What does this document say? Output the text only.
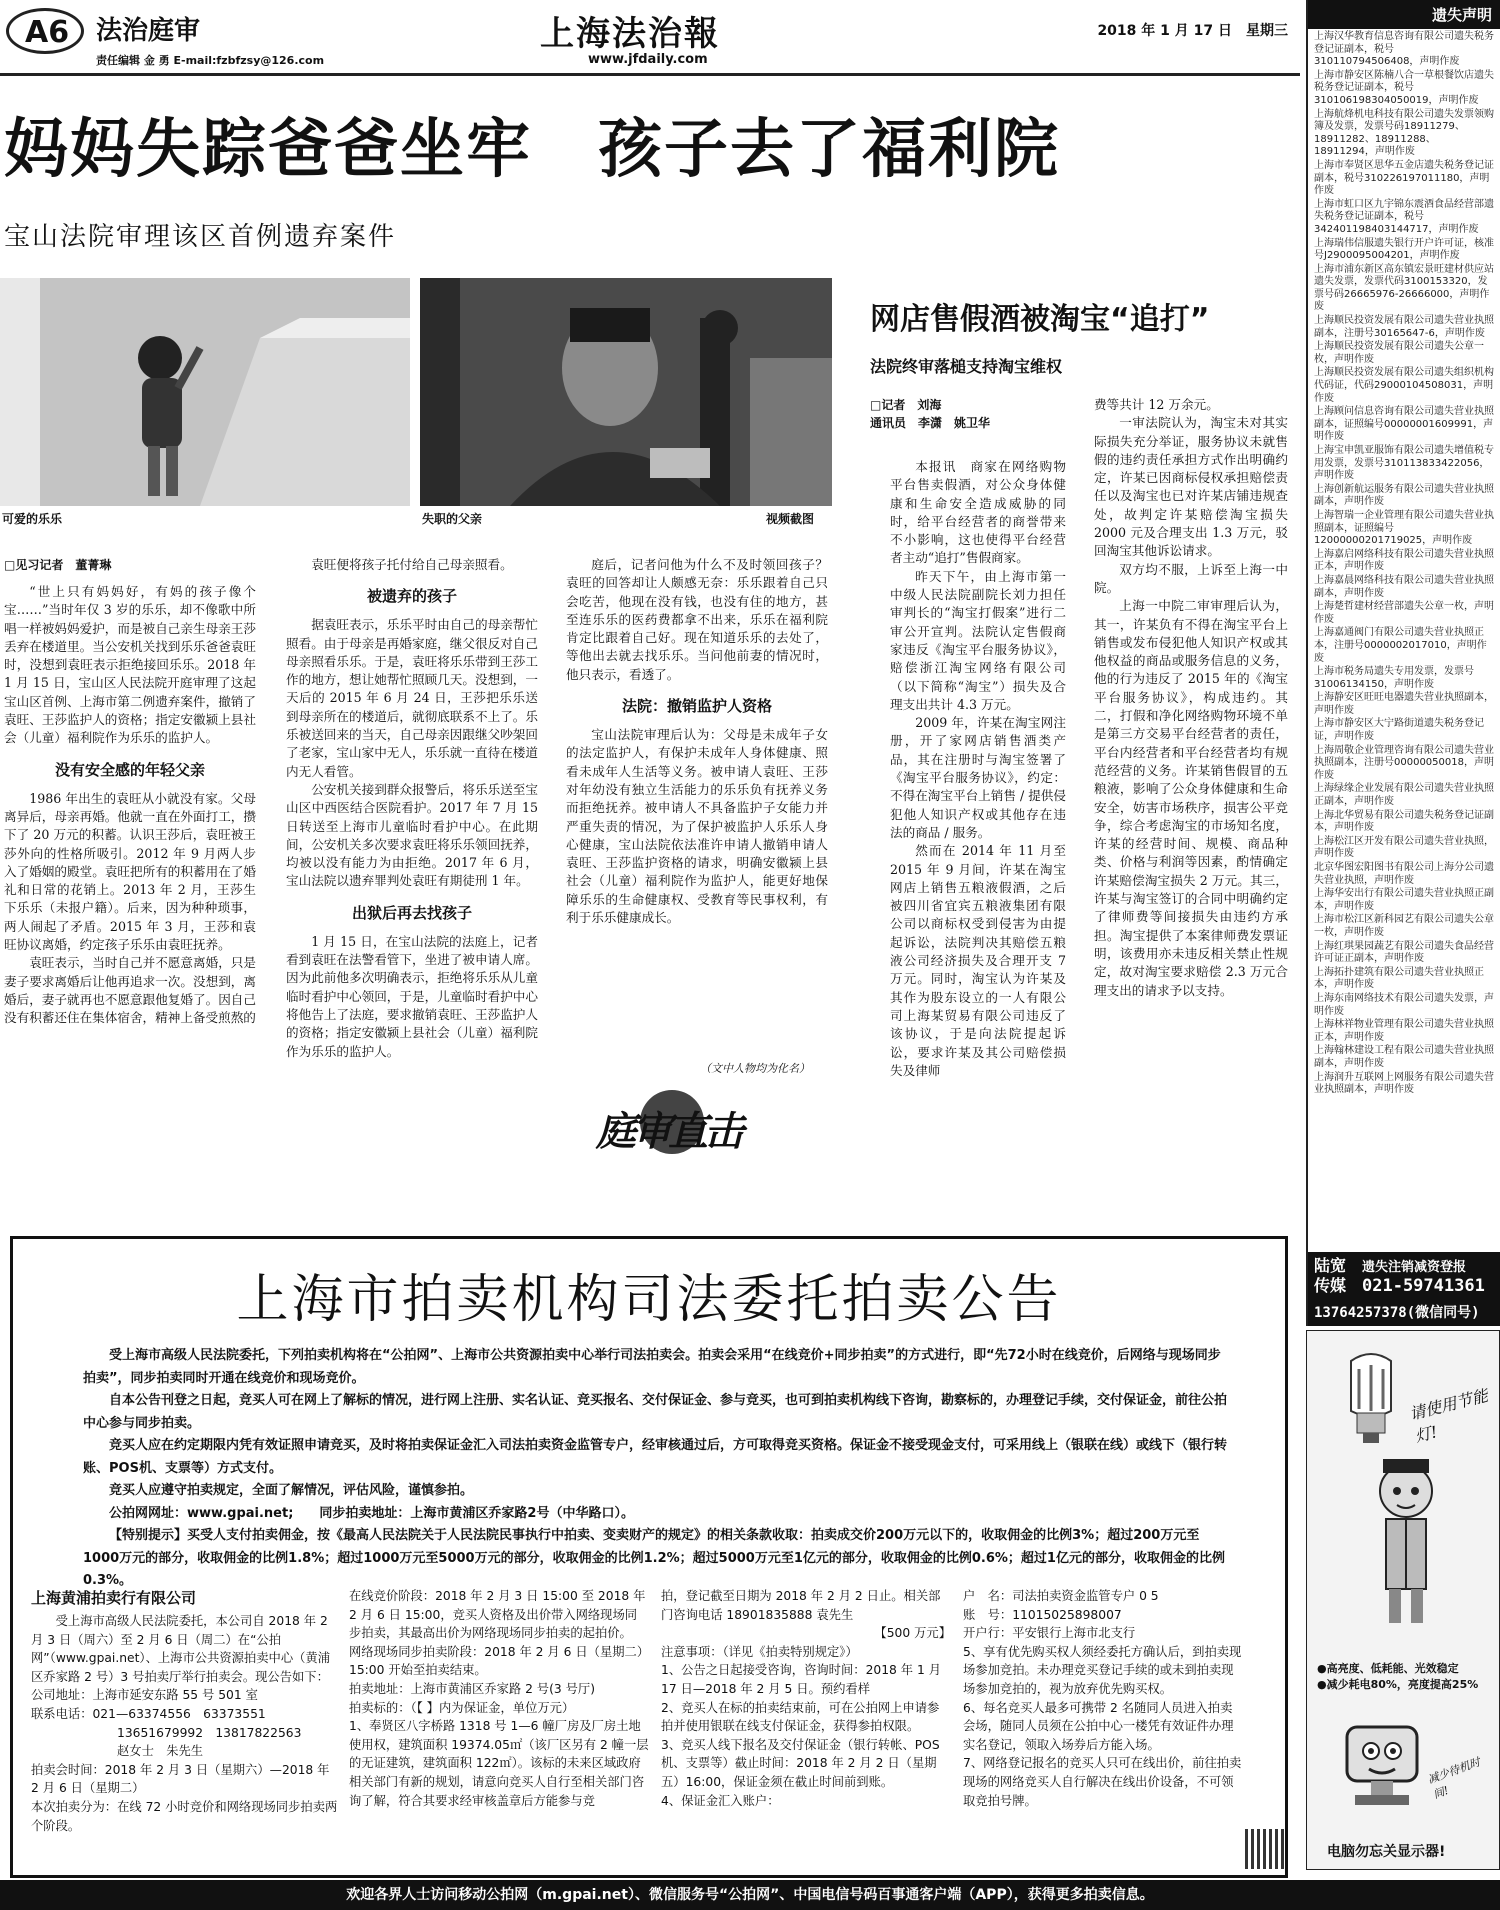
A6 法治庭审
责任编辑 金 勇 E-mail:fzbfzsy@126.com
上海法治報
www.jfdaily.com
2018 年 1 月 17 日　星期三
妈妈失踪爸爸坐牢　孩子去了福利院
宝山法院审理该区首例遗弃案件
可爱的乐乐	失职的父亲	视频截图
□见习记者　董菁琳

“世上只有妈妈好，有妈的孩子像个宝……”当时年仅 3 岁的乐乐，却不像歌中所唱一样被妈妈爱护，而是被自己亲生母亲王莎丢弃在楼道里。当公安机关找到乐乐爸爸袁旺时，没想到袁旺表示拒绝接回乐乐。2018 年 1 月 15 日，宝山区人民法院开庭审理了这起宝山区首例、上海市第二例遗弃案件，撤销了袁旺、王莎监护人的资格；指定安徽颍上县社会（儿童）福利院作为乐乐的监护人。

没有安全感的年轻父亲

1986 年出生的袁旺从小就没有家。父母离异后，母亲再婚。他就一直在外面打工，攒下了 20 万元的积蓄。认识王莎后，袁旺被王莎外向的性格所吸引。2012 年 9 月两人步入了婚姻的殿堂。袁旺把所有的积蓄用在了婚礼和日常的花销上。2013 年 2 月，王莎生下乐乐（未报户籍）。后来，因为种种琐事，两人闹起了矛盾。2015 年 3 月，王莎和袁旺协议离婚，约定孩子乐乐由袁旺抚养。

袁旺表示，当时自己并不愿意离婚，只是妻子要求离婚后让他再追求一次。没想到，离婚后，妻子就再也不愿意跟他复婚了。因自己没有积蓄还住在集体宿舍，精神上备受煎熬的

袁旺便将孩子托付给自己母亲照看。

被遗弃的孩子

据袁旺表示，乐乐平时由自己的母亲帮忙照看。由于母亲是再婚家庭，继父很反对自己母亲照看乐乐。于是，袁旺将乐乐带到王莎工作的地方，想让她帮忙照顾几天。没想到，一天后的 2015 年 6 月 24 日，王莎把乐乐送到母亲所在的楼道后，就彻底联系不上了。乐乐被送回来的当天，自己母亲因跟继父吵架回了老家，宝山家中无人，乐乐就一直待在楼道内无人看管。

公安机关接到群众报警后，将乐乐送至宝山区中西医结合医院看护。2017 年 7 月 15 日转送至上海市儿童临时看护中心。在此期间，公安机关多次要求袁旺将乐乐领回抚养，均被以没有能力为由拒绝。2017 年 6 月，宝山法院以遗弃罪判处袁旺有期徒刑 1 年。

出狱后再去找孩子

1 月 15 日，在宝山法院的法庭上，记者看到袁旺在法警看管下，坐进了被申请人席。因为此前他多次明确表示，拒绝将乐乐从儿童临时看护中心领回，于是，儿童临时看护中心将他告上了法庭，要求撤销袁旺、王莎监护人的资格；指定安徽颍上县社会（儿童）福利院作为乐乐的监护人。

庭后，记者问他为什么不及时领回孩子？袁旺的回答却让人颇感无奈：乐乐跟着自己只会吃苦，他现在没有钱，也没有住的地方，甚至连乐乐的医药费都拿不出来，乐乐在福利院肯定比跟着自己好。现在知道乐乐的去处了，等他出去就去找乐乐。当问他前妻的情况时，他只表示，看透了。

法院：撤销监护人资格

宝山法院审理后认为：父母是未成年子女的法定监护人，有保护未成年人身体健康、照看未成年人生活等义务。被申请人袁旺、王莎对年幼没有独立生活能力的乐乐负有抚养义务而拒绝抚养。被申请人不具备监护子女能力并严重失责的情况，为了保护被监护人乐乐人身心健康，宝山法院依法准许申请人撤销申请人袁旺、王莎监护资格的请求，明确安徽颍上县社会（儿童）福利院作为监护人，能更好地保障乐乐的生命健康权、受教育等民事权利，有利于乐乐健康成长。

（文中人物均为化名）
庭审直击
网店售假酒被淘宝“追打”
法院终审落槌支持淘宝维权
□记者　刘海
通讯员　李潇　姚卫华

本报讯　商家在网络购物平台售卖假酒，对公众身体健康和生命安全造成威胁的同时，给平台经营者的商誉带来不小影响，这也使得平台经营者主动“追打”售假商家。

昨天下午，由上海市第一中级人民法院副院长刘力担任审判长的“淘宝打假案”进行二审公开宣判。法院认定售假商家违反《淘宝平台服务协议》，赔偿浙江淘宝网络有限公司（以下简称“淘宝”）损失及合理支出共计 4.3 万元。

2009 年，许某在淘宝网注册，开了家网店销售酒类产品，其在注册时与淘宝签署了《淘宝平台服务协议》，约定：不得在淘宝平台上销售 / 提供侵犯他人知识产权或其他存在违法的商品 / 服务。

然而在 2014 年 11 月至 2015 年 9 月间，许某在淘宝网店上销售五粮液假酒，之后被四川省宜宾五粮液集团有限公司以商标权受到侵害为由提起诉讼，法院判决其赔偿五粮液公司经济损失及合理开支 7 万元。同时，淘宝认为许某及其作为股东设立的一人有限公司上海某贸易有限公司违反了该协议，于是向法院提起诉讼，要求许某及其公司赔偿损失及律师

费等共计 12 万余元。

一审法院认为，淘宝未对其实际损失充分举证，服务协议未就售假的违约责任承担方式作出明确约定，许某已因商标侵权承担赔偿责任以及淘宝也已对许某店铺违规查处，故判定许某赔偿淘宝损失 2000 元及合理支出 1.3 万元，驳回淘宝其他诉讼请求。

双方均不服，上诉至上海一中院。

上海一中院二审审理后认为，其一，许某负有不得在淘宝平台上销售或发布侵犯他人知识产权或其他权益的商品或服务信息的义务，他的行为违反了 2015 年的《淘宝平台服务协议》，构成违约。其二，打假和净化网络购物环境不单是第三方交易平台经营者的责任，平台内经营者和平台经营者均有规范经营的义务。许某销售假冒的五粮液，影响了公众身体健康和生命安全，妨害市场秩序，损害公平竞争，综合考虑淘宝的市场知名度，许某的经营时间、规模、商品种类、价格与利润等因素，酌情确定许某赔偿淘宝损失 2 万元。其三，许某与淘宝签订的合同中明确约定了律师费等间接损失由违约方承担。淘宝提供了本案律师费发票证明，该费用亦未违反相关禁止性规定，故对淘宝要求赔偿 2.3 万元合理支出的请求予以支持。

遗失声明
上海汉华教育信息咨询有限公司遗失税务登记证副本，税号310110794506408，声明作废
上海市静安区陈楠八合一草根餐饮店遗失税务登记证副本，税号310106198304050019，声明作废
上海航烽机电科技有限公司遗失发票领购簿及发票，发票号码18911279、18911282、18911288、18911294，声明作废
上海市奉贤区思华五金店遗失税务登记证副本，税号310226197011180，声明作废
上海市虹口区九宇锦东震酒食品经营部遗失税务登记证副本，税号342401198403144717，声明作废
上海瑞伟信服遗失银行开户许可证，核准号J2900095004201，声明作废
上海市浦东新区高东镇宏景旺建材供应站遗失发票，发票代码3100153320，发票号码26665976-26666000，声明作废
上海顺民投资发展有限公司遗失营业执照副本，注册号30165647-6，声明作废
上海顺民投资发展有限公司遗失公章一枚，声明作废
上海顺民投资发展有限公司遗失组织机构代码证，代码29000104508031，声明作废
上海顾问信息咨询有限公司遗失营业执照副本，证照编号00000001609991，声明作废
上海宝申凯亚服饰有限公司遗失增值税专用发票，发票号310113833422056，声明作废
上海创新航运服务有限公司遗失营业执照副本，声明作废
上海智瑞一企业管理有限公司遗失营业执照副本，证照编号12000000201719025，声明作废
上海嘉启网络科技有限公司遗失营业执照正本，声明作废
上海嘉晨网络科技有限公司遗失营业执照副本，声明作废
上海楚哲建材经营部遗失公章一枚，声明作废
上海嘉通阀门有限公司遗失营业执照正本，注册号0000002017010，声明作废
上海市税务局遗失专用发票，发票号31006134150，声明作废
上海静安区旺旺电器遗失营业执照副本，声明作废
上海市静安区大宁路街道遗失税务登记证，声明作废
上海周敬企业管理咨询有限公司遗失营业执照副本，注册号00000050018，声明作废
上海绿缘企业发展有限公司遗失营业执照正副本，声明作废
上海北华贸易有限公司遗失税务登记证副本，声明作废
上海松江区开发有限公司遗失营业执照，声明作废
北京华图宏阳图书有限公司上海分公司遗失营业执照，声明作废
上海华安出行有限公司遗失营业执照正副本，声明作废
上海市松江区新科园艺有限公司遗失公章一枚，声明作废
上海红琪果园蔬艺有限公司遗失食品经营许可证正副本，声明作废
上海拓扑建筑有限公司遗失营业执照正本，声明作废
上海东南网络技术有限公司遗失发票，声明作废
上海林祥物业管理有限公司遗失营业执照正本，声明作废
上海翰林建设工程有限公司遗失营业执照副本，声明作废
上海润升互联网上网服务有限公司遗失营业执照副本，声明作废
陆宽 传媒
遗失注销减资登报
021-59741361
13764257378(微信同号)
请使用节能灯!
●高亮度、低耗能、光效稳定
●减少耗电80%，亮度提高25%
减少待机时间!
电脑勿忘关显示器!
上海市拍卖机构司法委托拍卖公告

受上海市高级人民法院委托，下列拍卖机构将在“公拍网”、上海市公共资源拍卖中心举行司法拍卖会。拍卖会采用“在线竞价+同步拍卖”的方式进行，即“先72小时在线竞价，后网络与现场同步拍卖”，同步拍卖同时开通在线竞价和现场竞价。

自本公告刊登之日起，竞买人可在网上了解标的情况，进行网上注册、实名认证、竞买报名、交付保证金、参与竞买，也可到拍卖机构线下咨询，勘察标的，办理登记手续，交付保证金，前往公拍中心参与同步拍卖。

竞买人应在约定期限内凭有效证照申请竞买，及时将拍卖保证金汇入司法拍卖资金监管专户，经审核通过后，方可取得竞买资格。保证金不接受现金支付，可采用线上（银联在线）或线下（银行转账、POS机、支票等）方式支付。

竞买人应遵守拍卖规定，全面了解情况，评估风险，谨慎参拍。

公拍网网址：www.gpai.net;　　同步拍卖地址：上海市黄浦区乔家路2号（中华路口）。

【特别提示】买受人支付拍卖佣金，按《最高人民法院关于人民法院民事执行中拍卖、变卖财产的规定》的相关条款收取：拍卖成交价200万元以下的，收取佣金的比例3%；超过200万元至1000万元的部分，收取佣金的比例1.8%；超过1000万元至5000万元的部分，收取佣金的比例1.2%；超过5000万元至1亿元的部分，收取佣金的比例0.6%；超过1亿元的部分，收取佣金的比例0.3%。

上海黄浦拍卖行有限公司
受上海市高级人民法院委托，本公司自 2018 年 2 月 3 日（周六）至 2 月 6 日（周二）在“公拍网”（www.gpai.net）、上海市公共资源拍卖中心（黄浦区乔家路 2 号）3 号拍卖厅举行拍卖会。现公告如下：
公司地址：上海市延安东路 55 号 501 室
联系电话：021—63374556　63373551
13651679992　13817822563
赵女士　朱先生
拍卖会时间：2018 年 2 月 3 日（星期六）—2018 年 2 月 6 日（星期二）
本次拍卖分为：在线 72 小时竞价和网络现场同步拍卖两个阶段。
在线竞价阶段：2018 年 2 月 3 日 15:00 至 2018 年 2 月 6 日 15:00，竞买人资格及出价带入网络现场同步拍卖，其最高出价为网络现场同步拍卖的起拍价。
网络现场同步拍卖阶段：2018 年 2 月 6 日（星期二）15:00 开始至拍卖结束。
拍卖地址：上海市黄浦区乔家路 2 号(3 号厅)
拍卖标的：（【 】内为保证金，单位万元）
1、奉贤区八字桥路 1318 号 1—6 幢厂房及厂房土地使用权，建筑面积 19374.05㎡（该厂区另有 2 幢一层的无证建筑，建筑面积 122㎡）。该标的未来区域政府相关部门有新的规划，请意向竞买人自行至相关部门咨询了解，符合其要求经审核盖章后方能参与竞
拍，登记截至日期为 2018 年 2 月 2 日止。相关部门咨询电话 18901835888 袁先生
【500 万元】
注意事项：（详见《拍卖特别规定》）
1、公告之日起接受咨询，咨询时间：2018 年 1 月 17 日—2018 年 2 月 5 日。预约看样
2、竞买人在标的拍卖结束前，可在公拍网上申请参拍并使用银联在线支付保证金，获得参拍权限。
3、竞买人线下报名及交付保证金（银行转帐、POS 机、支票等）截止时间：2018 年 2 月 2 日（星期五）16:00，保证金须在截止时间前到账。
4、保证金汇入账户：
户　名：司法拍卖资金监管专户 0 5
账　号：11015025898007
开户行：平安银行上海市北支行
5、享有优先购买权人须经委托方确认后，到拍卖现场参加竞拍。未办理竞买登记手续的或未到拍卖现场参加竞拍的，视为放弃优先购买权。
6、每名竞买人最多可携带 2 名随同人员进入拍卖会场，随同人员须在公拍中心一楼凭有效证件办理实名登记，领取入场券后方能入场。
7、网络登记报名的竞买人只可在线出价，前往拍卖现场的网络竞买人自行解决在线出价设备，不可领取竞拍号牌。
欢迎各界人士访问移动公拍网（m.gpai.net）、微信服务号“公拍网”、中国电信号码百事通客户端（APP），获得更多拍卖信息。
